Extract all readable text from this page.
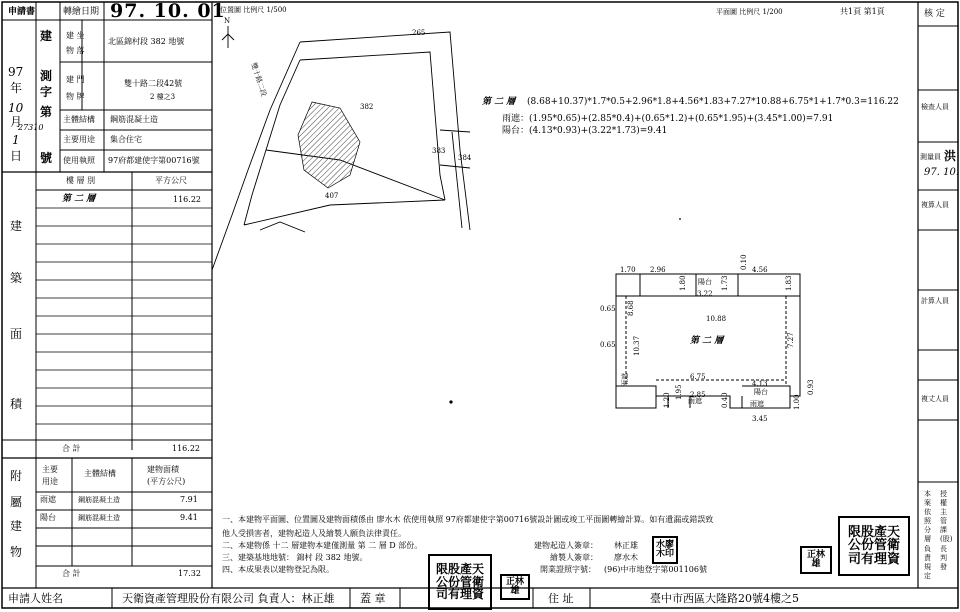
申請書	轉繪日期 97. 10. 01
建
測
字
第
號
97
年
10
月
1
日
27310
建 坐
物 落
北區錦村段 382 地號
建 門
物 牌
雙十路二段42號
2 樓之3
主體結構 鋼筋混凝土造
主要用途 集合住宅
使用執照 97府都建使字第00716號
建
築
面
積
樓 層 別	平方公尺
第 二 層	116.22
合 計	116.22
附
屬
建
物
主要
用途
主體結構	建物面積
(平方公尺)
雨遮	鋼筋混凝土造	7.91
陽台	鋼筋混凝土造	9.41
合 計	17.32
位置圖 比例尺 1/500
N
265
382
383
384
407
雙十路二段
平面圖 比例尺 1/200	共1頁 第1頁
第 二 層 (8.68+10.37)*1.7*0.5+2.96*1.8+4.56*1.83+7.27*10.88+6.75*1+1.7*0.3=116.22
雨遮：(1.95*0.65)+(2.85*0.4)+(0.65*1.2)+(0.65*1.95)+(3.45*1.00)=7.91
陽台：(4.13*0.93)+(3.22*1.73)=9.41
第 二 層
陽台
陽台
雨遮	雨遮
雨遮
1.70 2.96	0.10 4.56
1.80	1.73
3.22
1.83
0.65 8.68
10.88
10.37	7.27
0.65
6.75
4.13	0.93
1.95 2.85 0.40	1.00
3.45
1.20
一、本建物平面圖、位置圖及建物面積係由 廖水木 依使用執照 97府都建使字第00716號設計圖或竣工平面圖轉繪計算。如有遺漏或錯誤致
他人受損害者，建物起造人及繪製人願負法律責任。
二、本建物係 十二 層建物本建僅測量 第 二 層 D 部份。
三、建築基地地號： 錦村 段 382 地號。
四、本成果表以建物登記為限。
建物起造人簽章： 林正雄
繪製人簽章： 廖水木
開業證照字號： (96)中市地登字第001106號
限股產天
公份管衛
司有理資
正林
雄
水廖
木印	正林
雄
限股產天
公份管衛
司有理資
申請人姓名	天衛資產管理股份有限公司 負責人：林正雄 蓋 章	住 址	臺中市西區大隆路20號4樓之5
核 定
檢查人員
測量員 洪
97. 10.
複算人員
計算人員
複丈人員
本
案
依
照
分
層
負
責
規
定
授
權
主
管
課
(股)
長
判
發
